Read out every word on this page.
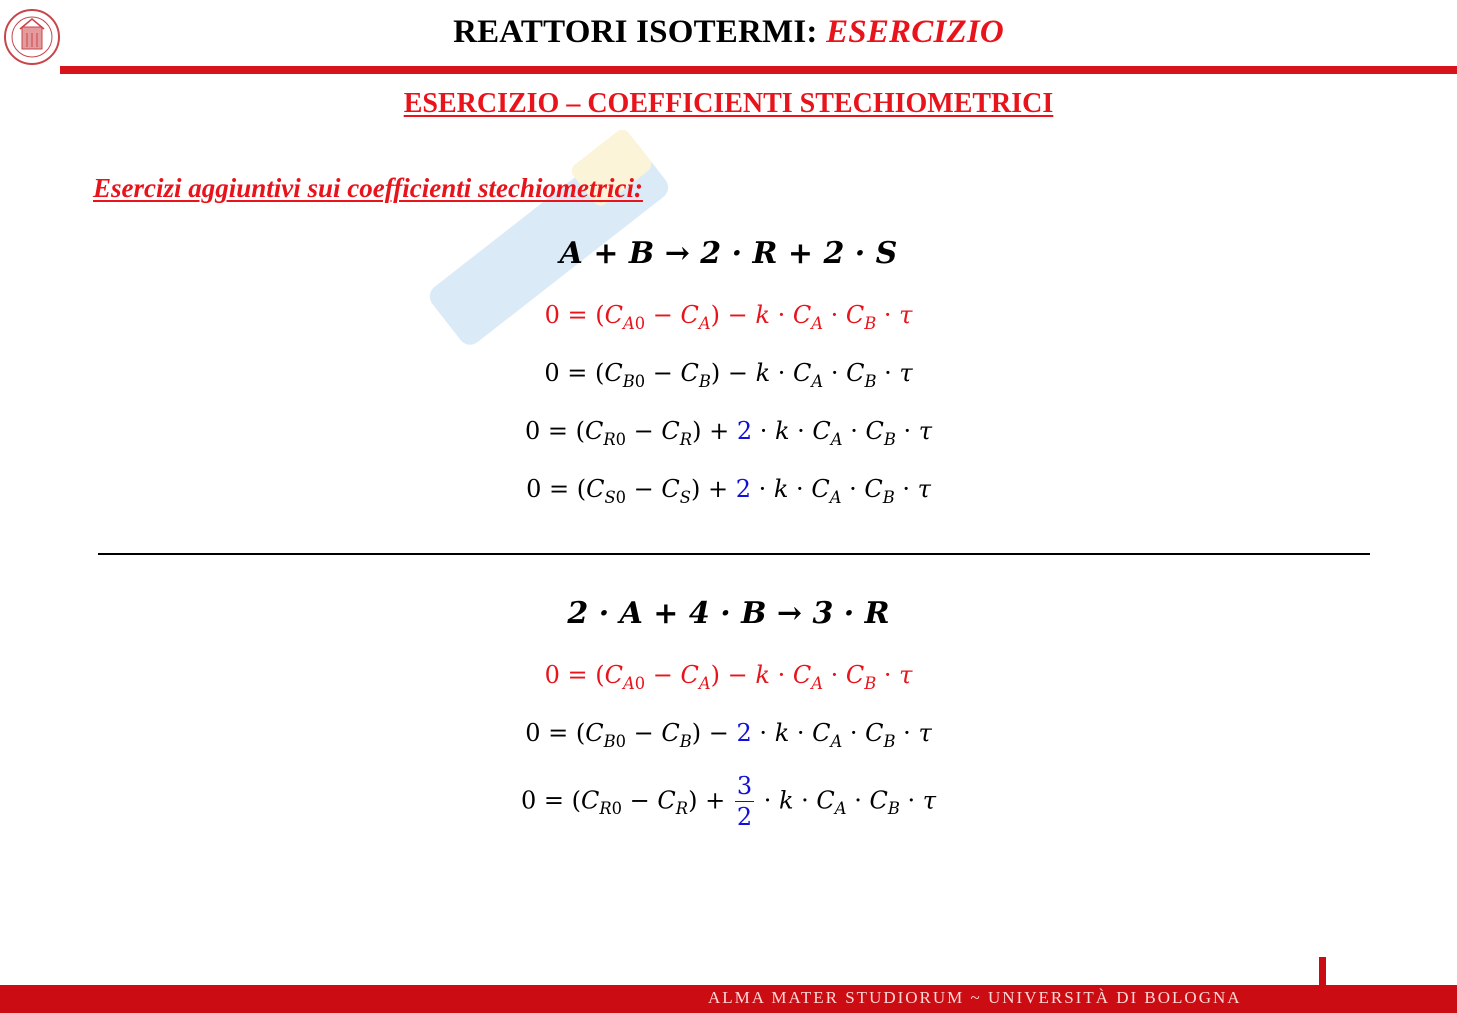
REATTORI ISOTERMI: ESERCIZIO
ESERCIZIO – COEFFICIENTI STECHIOMETRICI
Esercizi aggiuntivi sui coefficienti stechiometrici:
A + B → 2 · R + 2 · S
$0 = (C_{A0} - C_A) - k \cdot C_A \cdot C_B \cdot \tau$
$0 = (C_{B0} - C_B) - k \cdot C_A \cdot C_B \cdot \tau$
$0 = (C_{R0} - C_R) + 2 \cdot k \cdot C_A \cdot C_B \cdot \tau$
$0 = (C_{S0} - C_S) + 2 \cdot k \cdot C_A \cdot C_B \cdot \tau$
2 · A + 4 · B → 3 · R
$0 = (C_{A0} - C_A) - k \cdot C_A \cdot C_B \cdot \tau$
$0 = (C_{B0} - C_B) - 2 \cdot k \cdot C_A \cdot C_B \cdot \tau$
$0 = (C_{R0} - C_R) + \frac{3}{2} \cdot k \cdot C_A \cdot C_B \cdot \tau$
ALMA MATER STUDIORUM ~ UNIVERSITÀ DI BOLOGNA
